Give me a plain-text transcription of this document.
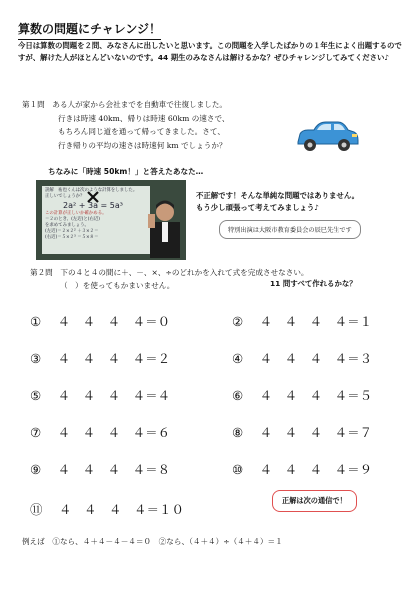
算数の問題にチャレンジ！
今日は算数の問題を２問、みなさんに出したいと思います。この問題を入学したばかりの１年生によく出題するのですが、解けた人がほとんどいないのです。44 期生のみなさんは解けるかな？ぜひチャレンジしてみてください♪
第１問　 ある人が家から会社までを自動車で往復しました。
行きは時速 40km、帰りは時速 60km の速さで、
もちろん同じ道を通って帰ってきました。さて、
行き帰りの平均の速さは時速何 km でしょうか？
ちなみに「時速 50km！」と答えたあなた…
誤解　祐也くんは次のような計算をしました。
正しいでしょうか？
2a² + 3a = 5a³
この計算が正しいか確かめる。
＝２のとき、(左辺)と(右辺)
を求めてみましょう。
(左辺)＝２×２² ＋３×２＝
(右辺)＝５×２³ ＝５×８＝
不正解です！そんな単純な問題ではありません。
もう少し頑張って考えてみましょう♪
特別出演は大阪市教育委員会の辰巳先生です
第２問　 下の４と４の間に＋、－、×、÷のどれかを入れて式を完成させなさい。
（　）を使ってもかまいません。	11 問すべて作れるかな？
①　 ４　４　４　４＝０	②　 ４　４　４　４＝１
③　 ４　４　４　４＝２	④　 ４　４　４　４＝３
⑤　 ４　４　４　４＝４	⑥　 ４　４　４　４＝５
⑦　 ４　４　４　４＝６	⑧　 ４　４　４　４＝７
⑨　 ４　４　４　４＝８	⑩　 ４　４　４　４＝９
⑪　 ４　４　４　４＝１０
正解は次の通信で！
例えば　①なら、４＋４－４－４＝０　②なら、（４＋４）÷（４＋４）＝１
